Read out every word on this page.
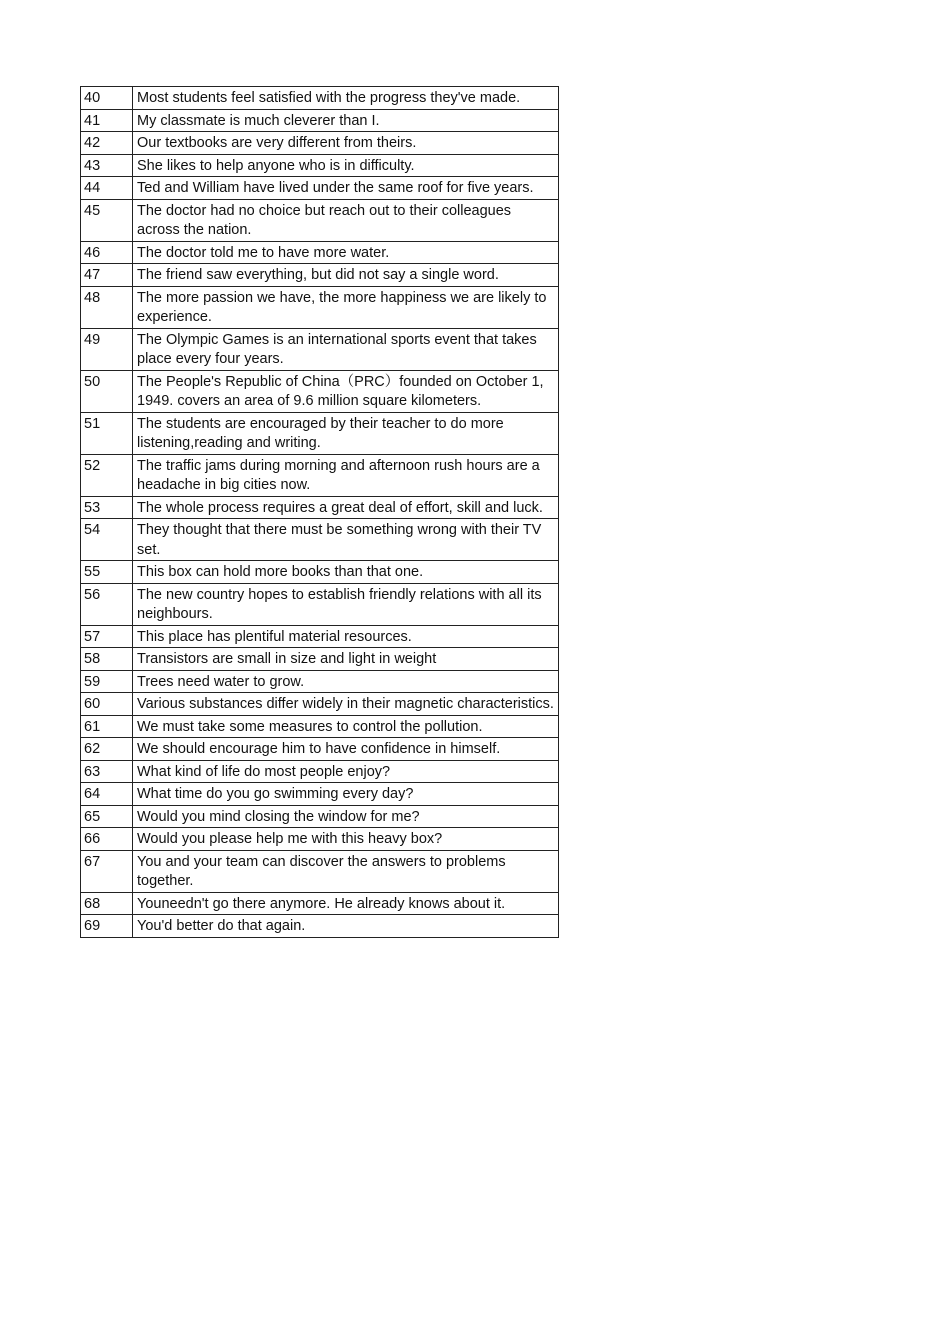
40	Most students feel satisfied with the progress they've made.
41	My classmate is much cleverer than I.
42	Our textbooks are very different from theirs.
43	She likes to help anyone who is in difficulty.
44	Ted and William have lived under the same roof for five years.
45	The doctor had no choice but reach out to their colleagues across the nation.
46	The doctor told me to have more water.
47	The friend saw everything, but did not say a single word.
48	The more passion we have, the more happiness we are likely to experience.
49	The Olympic Games is an international sports event that takes place every four years.
50	The People's Republic of China（PRC）founded on October 1, 1949. covers an area of 9.6 million square kilometers.
51	The students are encouraged by their teacher to do more listening,reading and writing.
52	The traffic jams during morning and afternoon rush hours are a headache in big cities now.
53	The whole process requires a great deal of effort, skill and luck.
54	They thought that there must be something wrong with their TV set.
55	This box can hold more books than that one.
56	The new country hopes to establish friendly relations with all its neighbours.
57	This place has plentiful material resources.
58	Transistors are small in size and light in weight
59	Trees need water to grow.
60	Various substances differ widely in their magnetic characteristics.
61	We must take some measures to control the pollution.
62	We should encourage him to have confidence in himself.
63	What kind of life do most people enjoy?
64	What time do you go swimming every day?
65	Would you mind closing the window for me?
66	Would you please help me with this heavy box?
67	You and your team can discover the answers to problems together.
68	Youneedn't go there anymore. He already knows about it.
69	You'd better do that again.
